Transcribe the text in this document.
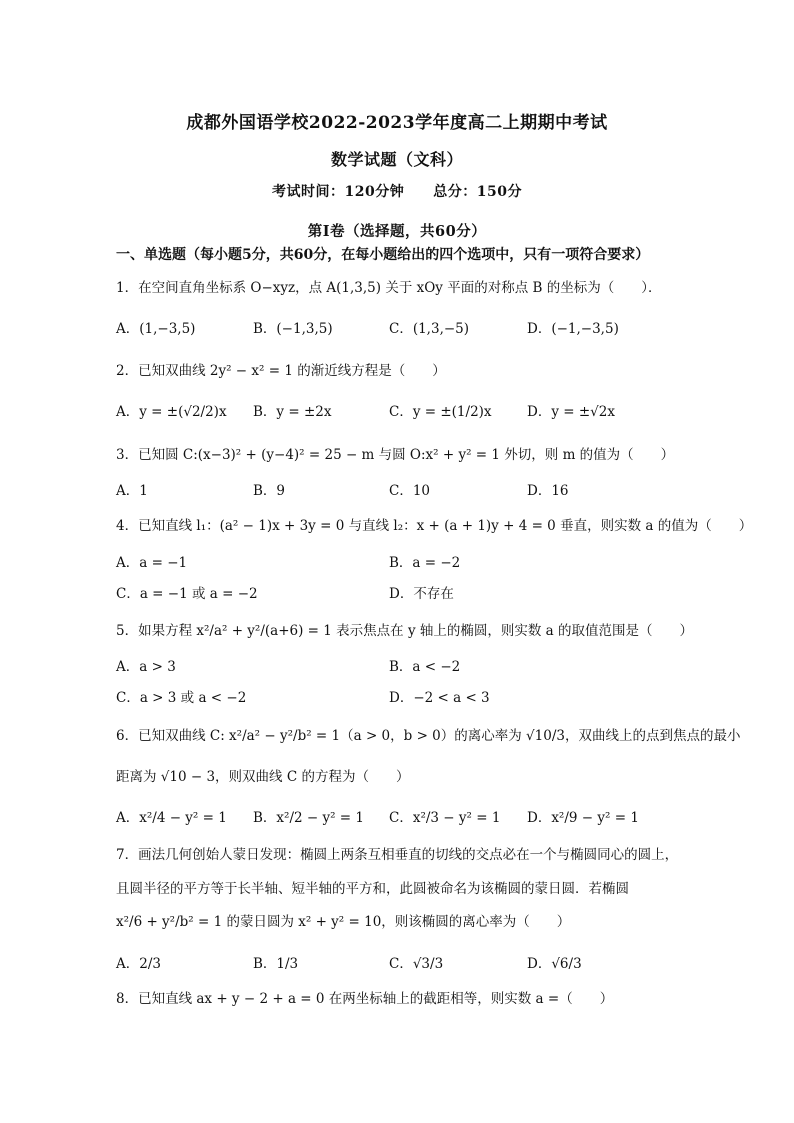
成都外国语学校2022-2023学年度高二上期期中考试
数学试题（文科）
考试时间：120分钟　　总分：150分
第Ⅰ卷（选择题，共60分）
一、单选题（每小题5分，共60分，在每小题给出的四个选项中，只有一项符合要求）
1．在空间直角坐标系 O−xyz，点 A(1,3,5) 关于 xOy 平面的对称点 B 的坐标为（　　）．
A．(1,−3,5)	B．(−1,3,5)	C．(1,3,−5)	D．(−1,−3,5)
2．已知双曲线 2y² − x² = 1 的渐近线方程是（　　）
A．y = ±(√2/2)x B．y = ±2x	C．y = ±(1/2)x	D．y = ±√2x
3．已知圆 C:(x−3)² + (y−4)² = 25 − m 与圆 O:x² + y² = 1 外切，则 m 的值为（　　）
A．1	B．9	C．10	D．16
4．已知直线 l₁：(a² − 1)x + 3y = 0 与直线 l₂：x + (a + 1)y + 4 = 0 垂直，则实数 a 的值为（　　）
A．a = −1	B．a = −2
C．a = −1 或 a = −2	D．不存在
5．如果方程 x²/a² + y²/(a+6) = 1 表示焦点在 y 轴上的椭圆，则实数 a 的取值范围是（　　）
A．a > 3	B．a < −2
C．a > 3 或 a < −2	D．−2 < a < 3
6．已知双曲线 C: x²/a² − y²/b² = 1（a > 0，b > 0）的离心率为 √10/3，双曲线上的点到焦点的最小
距离为 √10 − 3，则双曲线 C 的方程为（　　）
A．x²/4 − y² = 1 B．x²/2 − y² = 1 C．x²/3 − y² = 1 D．x²/9 − y² = 1
7．画法几何创始人蒙日发现：椭圆上两条互相垂直的切线的交点必在一个与椭圆同心的圆上，
且圆半径的平方等于长半轴、短半轴的平方和，此圆被命名为该椭圆的蒙日圆．若椭圆
x²/6 + y²/b² = 1 的蒙日圆为 x² + y² = 10，则该椭圆的离心率为（　　）
A．2/3	B．1/3	C．√3/3	D．√6/3
8．已知直线 ax + y − 2 + a = 0 在两坐标轴上的截距相等，则实数 a =（　　）
